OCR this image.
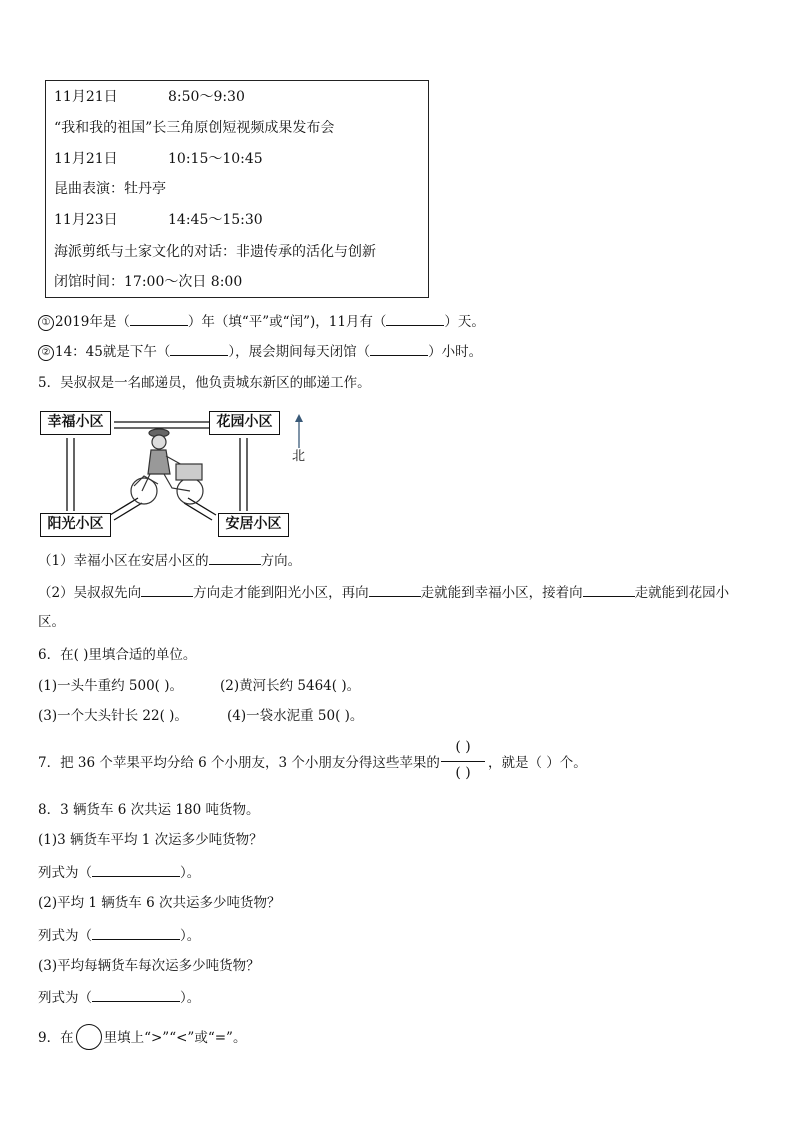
11月21日	8:50～9:30
“我和我的祖国”长三角原创短视频成果发布会
11月21日	10:15～10:45
昆曲表演：牡丹亭
11月23日	14:45～15:30
海派剪纸与土家文化的对话：非遗传承的活化与创新
闭馆时间：17:00～次日 8:00
① 2019年是（	）年（填“平”或“闰”)，11月有（	）天。
② 14：45就是下午（	），展会期间每天闭馆（	）小时。
5．吴叔叔是一名邮递员，他负责城东新区的邮递工作。
幸福小区	花园小区
阳光小区	安居小区
北
（1）幸福小区在安居小区的	方向。
（2）吴叔叔先向	方向走才能到阳光小区，再向	走就能到幸福小区，接着向	走就能到花园小
区。
6．在( )里填合适的单位。
(1)一头牛重约 500( )。	(2)黄河长约 5464( )。
(3)一个大头针长 22( )。	(4)一袋水泥重 50( )。
7．把 36 个苹果平均分给 6 个小朋友，3 个小朋友分得这些苹果的
( )
( )
，就是（ ）个。
8．3 辆货车 6 次共运 180 吨货物。
(1)3 辆货车平均 1 次运多少吨货物？
列式为（	）。
(2)平均 1 辆货车 6 次共运多少吨货物？
列式为（	）。
(3)平均每辆货车每次运多少吨货物？
列式为（	）。
9．在 里填上“>”“<”或“=”。
